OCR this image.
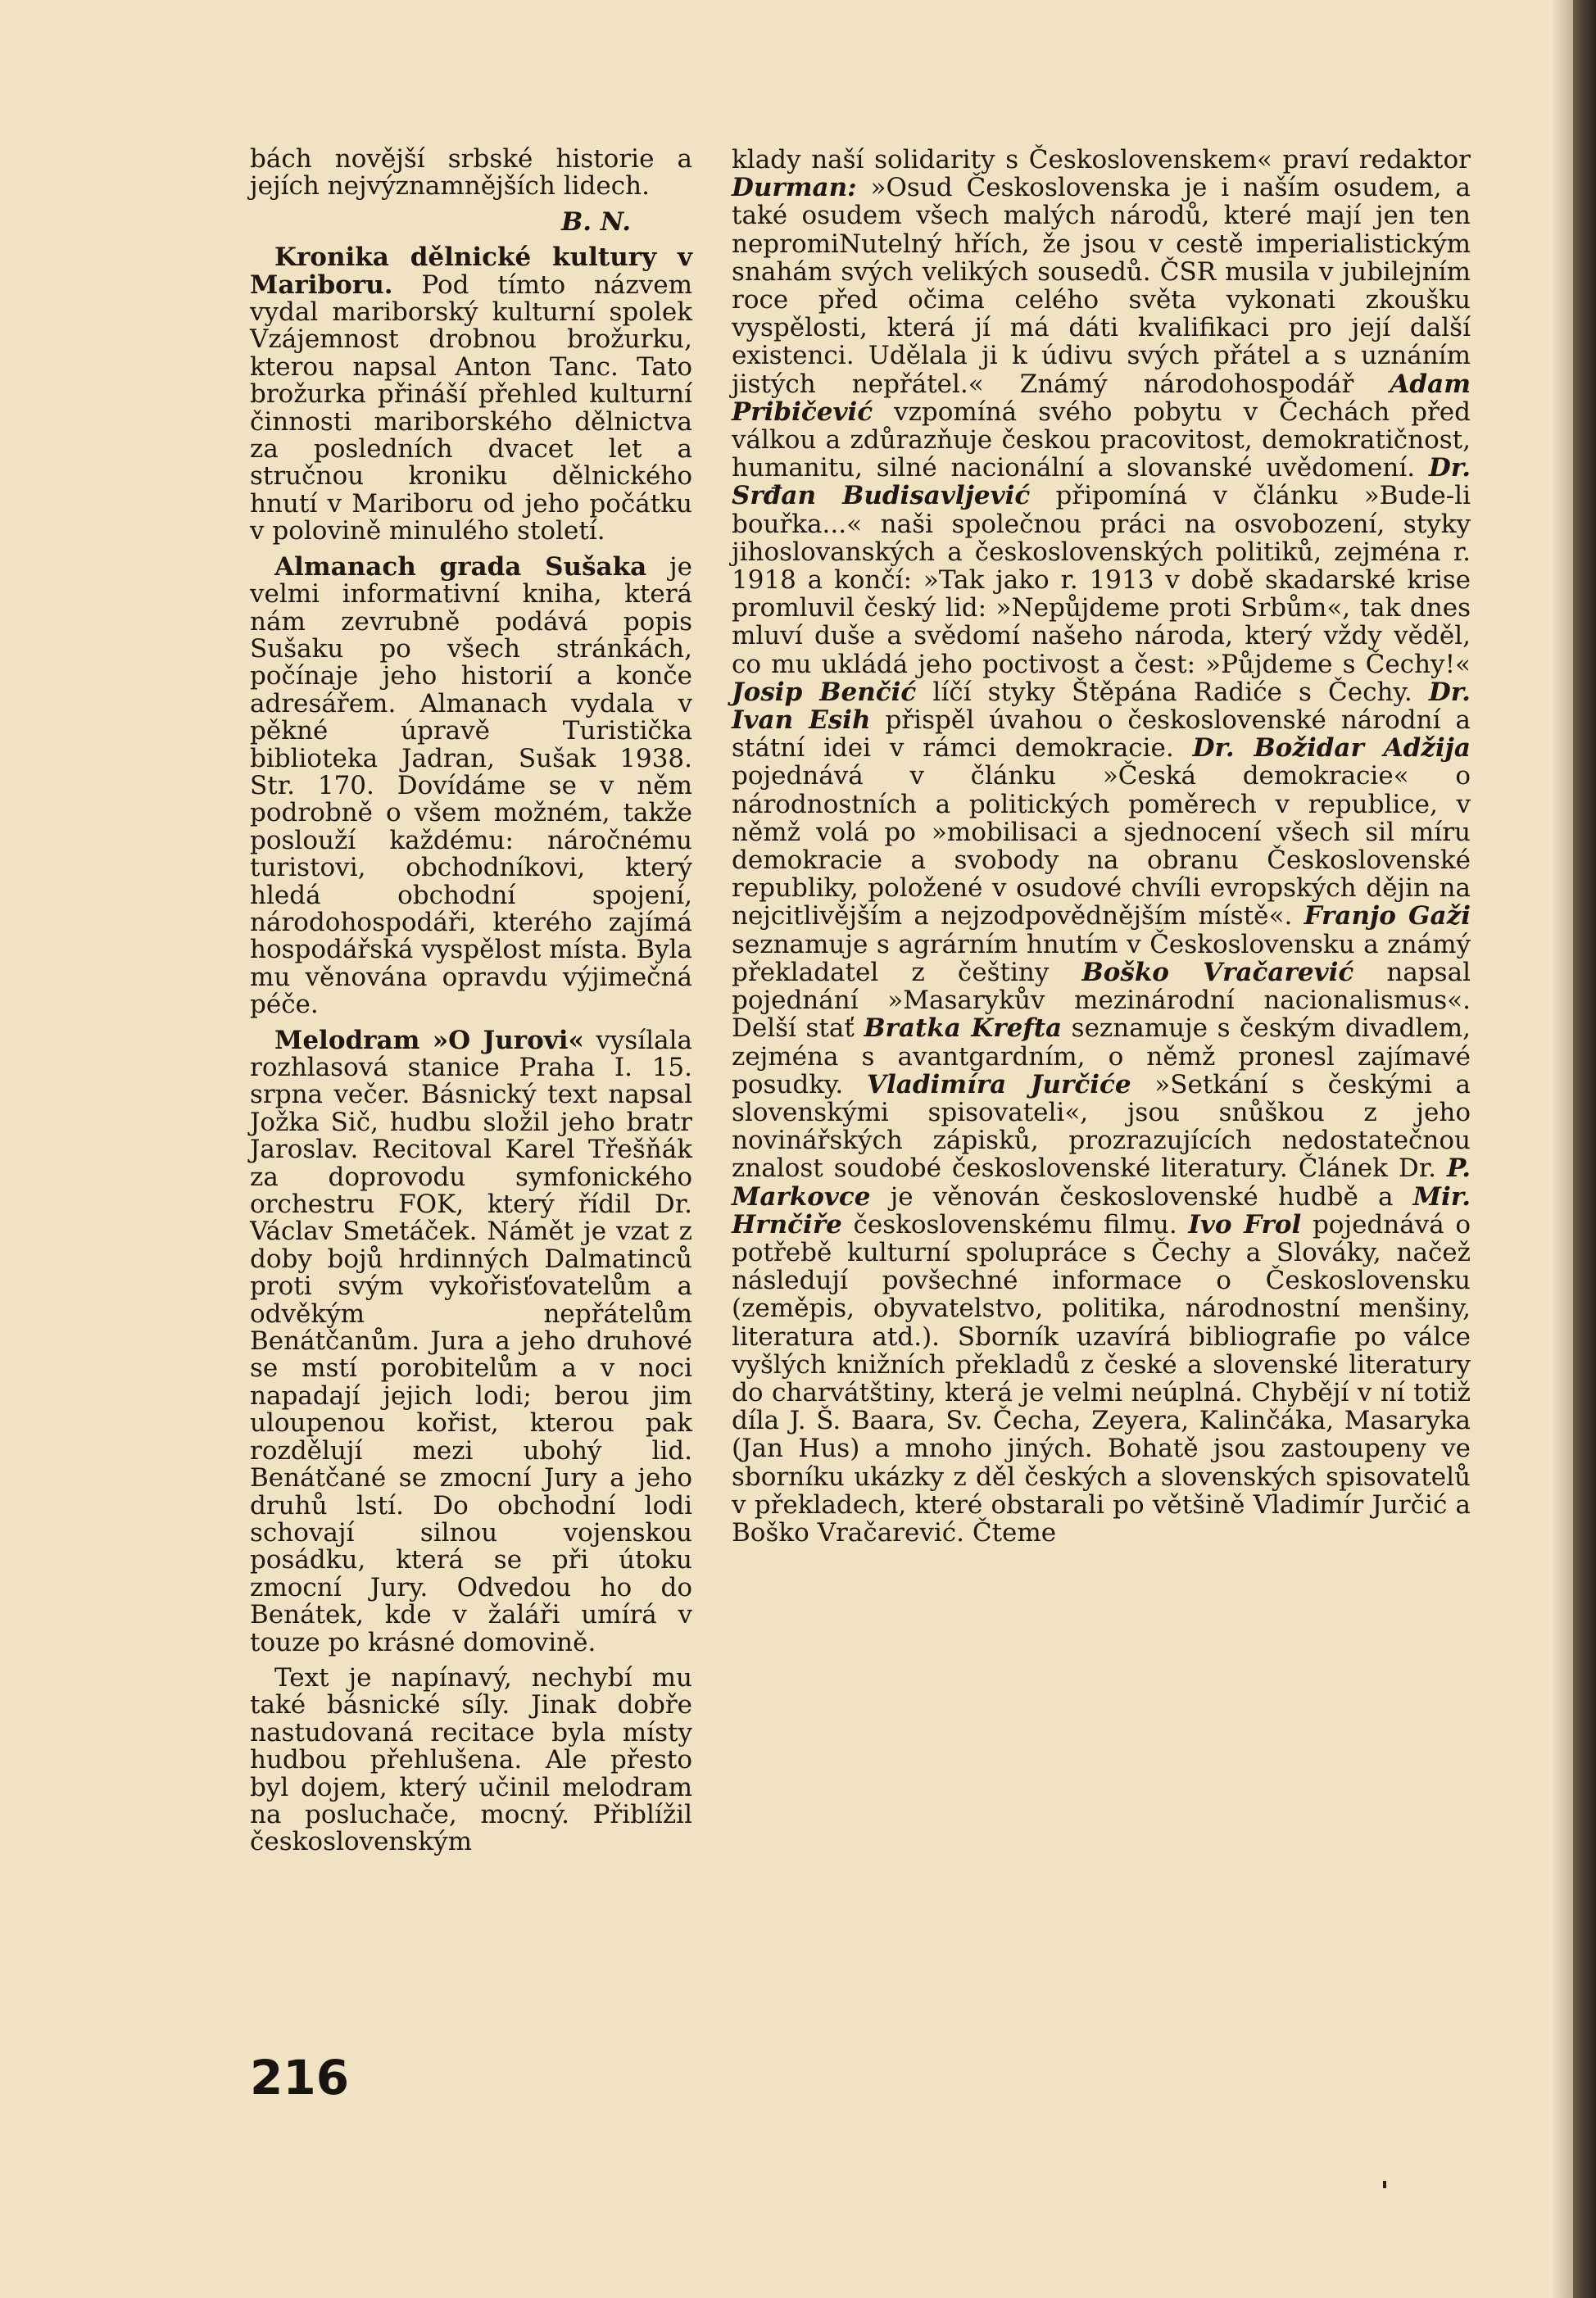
bách novější srbské historie a jejích nejvýznamnějších lidech.

B. N.

Kronika dělnické kultury v Mariboru. Pod tímto názvem vydal mariborský kulturní spolek Vzájemnost drobnou brožurku, kterou napsal Anton Tanc. Tato brožurka přináší přehled kulturní činnosti mariborského dělnictva za posledních dvacet let a stručnou kroniku dělnického hnutí v Mariboru od jeho počátku v polovině minulého století.

Almanach grada Sušaka je velmi informativní kniha, která nám zevrubně podává popis Sušaku po všech stránkách, počínaje jeho historií a konče adresářem. Almanach vydala v pěkné úpravě Turistička biblioteka Jadran, Sušak 1938. Str. 170. Dovídáme se v něm podrobně o všem možném, takže poslouží každému: náročnému turistovi, obchodníkovi, který hledá obchodní spojení, národohospodáři, kterého zajímá hospodářská vyspělost místa. Byla mu věnována opravdu výjimečná péče.

Melodram »O Jurovi« vysílala rozhlasová stanice Praha I. 15. srpna večer. Básnický text napsal Jožka Sič, hudbu složil jeho bratr Jaroslav. Recitoval Karel Třešňák za doprovodu symfonického orchestru FOK, který řídil Dr. Václav Smetáček. Námět je vzat z doby bojů hrdinných Dalmatinců proti svým vykořisťovatelům a odvěkým nepřátelům Benátčanům. Jura a jeho druhové se mstí porobitelům a v noci napadají jejich lodi; berou jim uloupenou kořist, kterou pak rozdělují mezi ubohý lid. Benátčané se zmocní Jury a jeho druhů lstí. Do obchodní lodi schovají silnou vojenskou posádku, která se při útoku zmocní Jury. Odvedou ho do Benátek, kde v žaláři umírá v touze po krásné domovině.

Text je napínavý, nechybí mu také básnické síly. Jinak dobře nastudovaná recitace byla místy hudbou přehlušena. Ale přesto byl dojem, který učinil melodram na posluchače, mocný. Přiblížil československým

klady naší solidarity s Československem« praví redaktor Durman: »Osud Československa je i naším osudem, a také osudem všech malých národů, které mají jen ten nepromiNutelný hřích, že jsou v cestě imperialistickým snahám svých velikých sousedů. ČSR musila v jubilejním roce před očima celého světa vykonati zkoušku vyspělosti, která jí má dáti kvalifikaci pro její další existenci. Udělala ji k údivu svých přátel a s uznáním jistých nepřátel.« Známý národohospodář Adam Pribičević vzpomíná svého pobytu v Čechách před válkou a zdůrazňuje českou pracovitost, demokratičnost, humanitu, silné nacionální a slovanské uvědomení. Dr. Srđan Budisavljević připomíná v článku »Bude-li bouřka...« naši společnou práci na osvobození, styky jihoslovanských a československých politiků, zejména r. 1918 a končí: »Tak jako r. 1913 v době skadarské krise promluvil český lid: »Nepůjdeme proti Srbům«, tak dnes mluví duše a svědomí našeho národa, který vždy věděl, co mu ukládá jeho poctivost a čest: »Půjdeme s Čechy!« Josip Benčić líčí styky Štěpána Radiće s Čechy. Dr. Ivan Esih přispěl úvahou o československé národní a státní idei v rámci demokracie. Dr. Božidar Adžija pojednává v článku »Česká demokracie« o národnostních a politických poměrech v republice, v němž volá po »mobilisaci a sjednocení všech sil míru demokracie a svobody na obranu Československé republiky, položené v osudové chvíli evropských dějin na nejcitlivějším a nejzodpovědnějším místě«. Franjo Gaži seznamuje s agrárním hnutím v Československu a známý překladatel z češtiny Boško Vračarević napsal pojednání »Masarykův mezinárodní nacionalismus«. Delší stať Bratka Krefta seznamuje s českým divadlem, zejména s avantgardním, o němž pronesl zajímavé posudky. Vladimíra Jurčiće »Setkání s českými a slovenskými spisovateli«, jsou snůškou z jeho novinářských zápisků, prozrazujících nedostatečnou znalost soudobé československé literatury. Článek Dr. P. Markovce je věnován československé hudbě a Mir. Hrnčiře československému filmu. Ivo Frol pojednává o potřebě kulturní spolupráce s Čechy a Slováky, načež následují povšechné informace o Československu (zeměpis, obyvatelstvo, politika, národnostní menšiny, literatura atd.). Sborník uzavírá bibliografie po válce vyšlých knižních překladů z české a slovenské literatury do charvátštiny, která je velmi neúplná. Chybějí v ní totiž díla J. Š. Baara, Sv. Čecha, Zeyera, Kalinčáka, Masaryka (Jan Hus) a mnoho jiných. Bohatě jsou zastoupeny ve sborníku ukázky z děl českých a slovenských spisovatelů v překladech, které obstarali po většině Vladimír Jurčić a Boško Vračarević. Čteme

216
